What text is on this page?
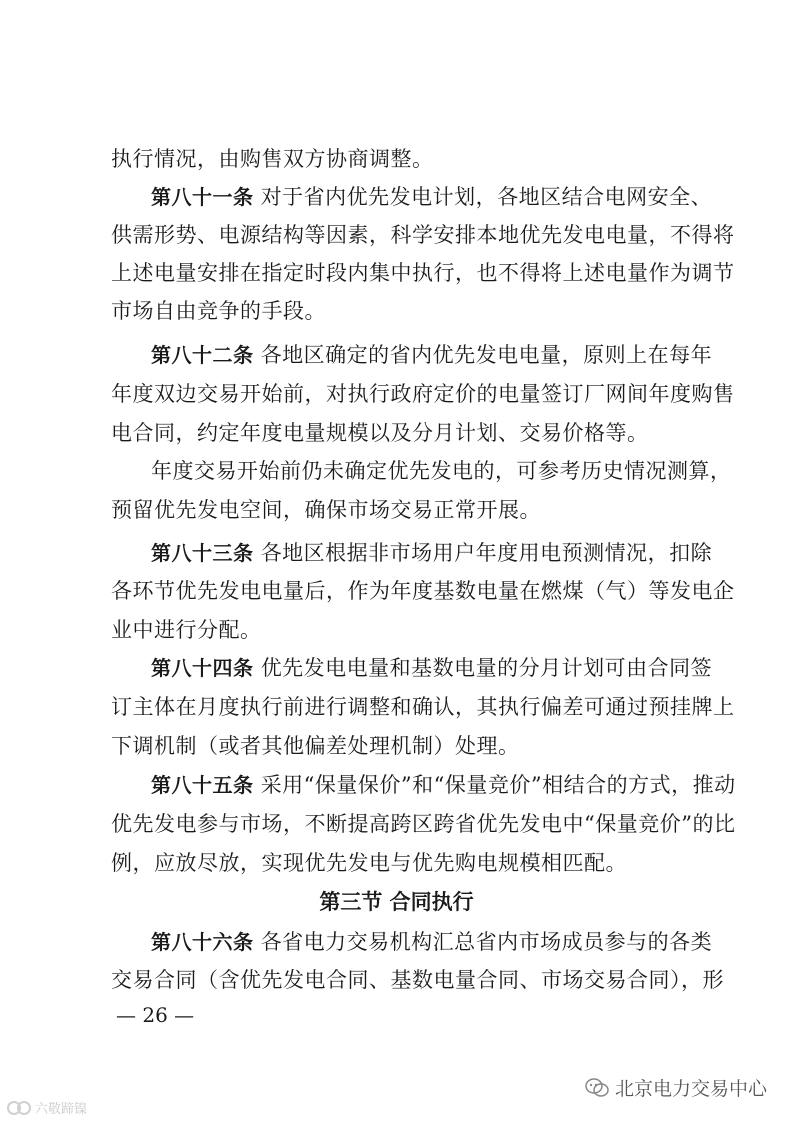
执行情况，由购售双方协商调整。
第八十一条 对于省内优先发电计划，各地区结合电网安全、
供需形势、电源结构等因素，科学安排本地优先发电电量，不得将
上述电量安排在指定时段内集中执行，也不得将上述电量作为调节
市场自由竞争的手段。
第八十二条 各地区确定的省内优先发电电量，原则上在每年
年度双边交易开始前，对执行政府定价的电量签订厂网间年度购售
电合同，约定年度电量规模以及分月计划、交易价格等。
年度交易开始前仍未确定优先发电的，可参考历史情况测算，
预留优先发电空间，确保市场交易正常开展。
第八十三条 各地区根据非市场用户年度用电预测情况，扣除
各环节优先发电电量后，作为年度基数电量在燃煤（气）等发电企
业中进行分配。
第八十四条 优先发电电量和基数电量的分月计划可由合同签
订主体在月度执行前进行调整和确认，其执行偏差可通过预挂牌上
下调机制（或者其他偏差处理机制）处理。
第八十五条 采用“保量保价”和“保量竞价”相结合的方式，推动
优先发电参与市场，不断提高跨区跨省优先发电中“保量竞价”的比
例，应放尽放，实现优先发电与优先购电规模相匹配。
第三节 合同执行
第八十六条 各省电力交易机构汇总省内市场成员参与的各类
交易合同（含优先发电合同、基数电量合同、市场交易合同），形
— 26 —
北京电力交易中心
六敬蹄镍
